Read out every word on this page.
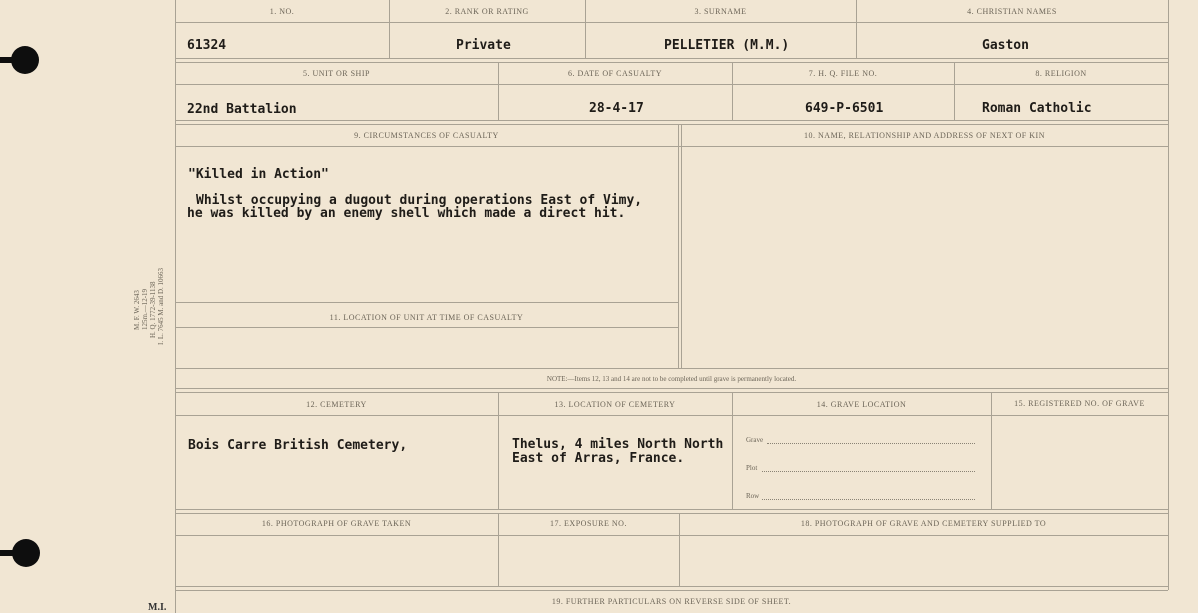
M. F. W. 2643 125m.—12-19 H. Q. 1772-39-1138 I. L. 7645 M. and D. 10663
M.I.
1. NO.	2. RANK OR RATING	3. SURNAME	4. CHRISTIAN NAMES
61324	Private	PELLETIER (M.M.)	Gaston
5. UNIT OR SHIP	6. DATE OF CASUALTY	7. H. Q. FILE NO.	8. RELIGION
22nd Battalion	28-4-17	649-P-6501	Roman Catholic
9. CIRCUMSTANCES OF CASUALTY	10. NAME, RELATIONSHIP AND ADDRESS OF NEXT OF KIN
"Killed in Action"
Whilst occupying a dugout during operations East of Vimy,
he was killed by an enemy shell which made a direct hit.
11. LOCATION OF UNIT AT TIME OF CASUALTY
NOTE:—Items 12, 13 and 14 are not to be completed until grave is permanently located.
12. CEMETERY	13. LOCATION OF CEMETERY	14. GRAVE LOCATION	15. REGISTERED NO. OF GRAVE
Bois Carre British Cemetery,	Thelus, 4 miles North North
East of Arras, France.
Grave
Plot
Row
16. PHOTOGRAPH OF GRAVE TAKEN	17. EXPOSURE NO.	18. PHOTOGRAPH OF GRAVE AND CEMETERY SUPPLIED TO
19. FURTHER PARTICULARS ON REVERSE SIDE OF SHEET.
